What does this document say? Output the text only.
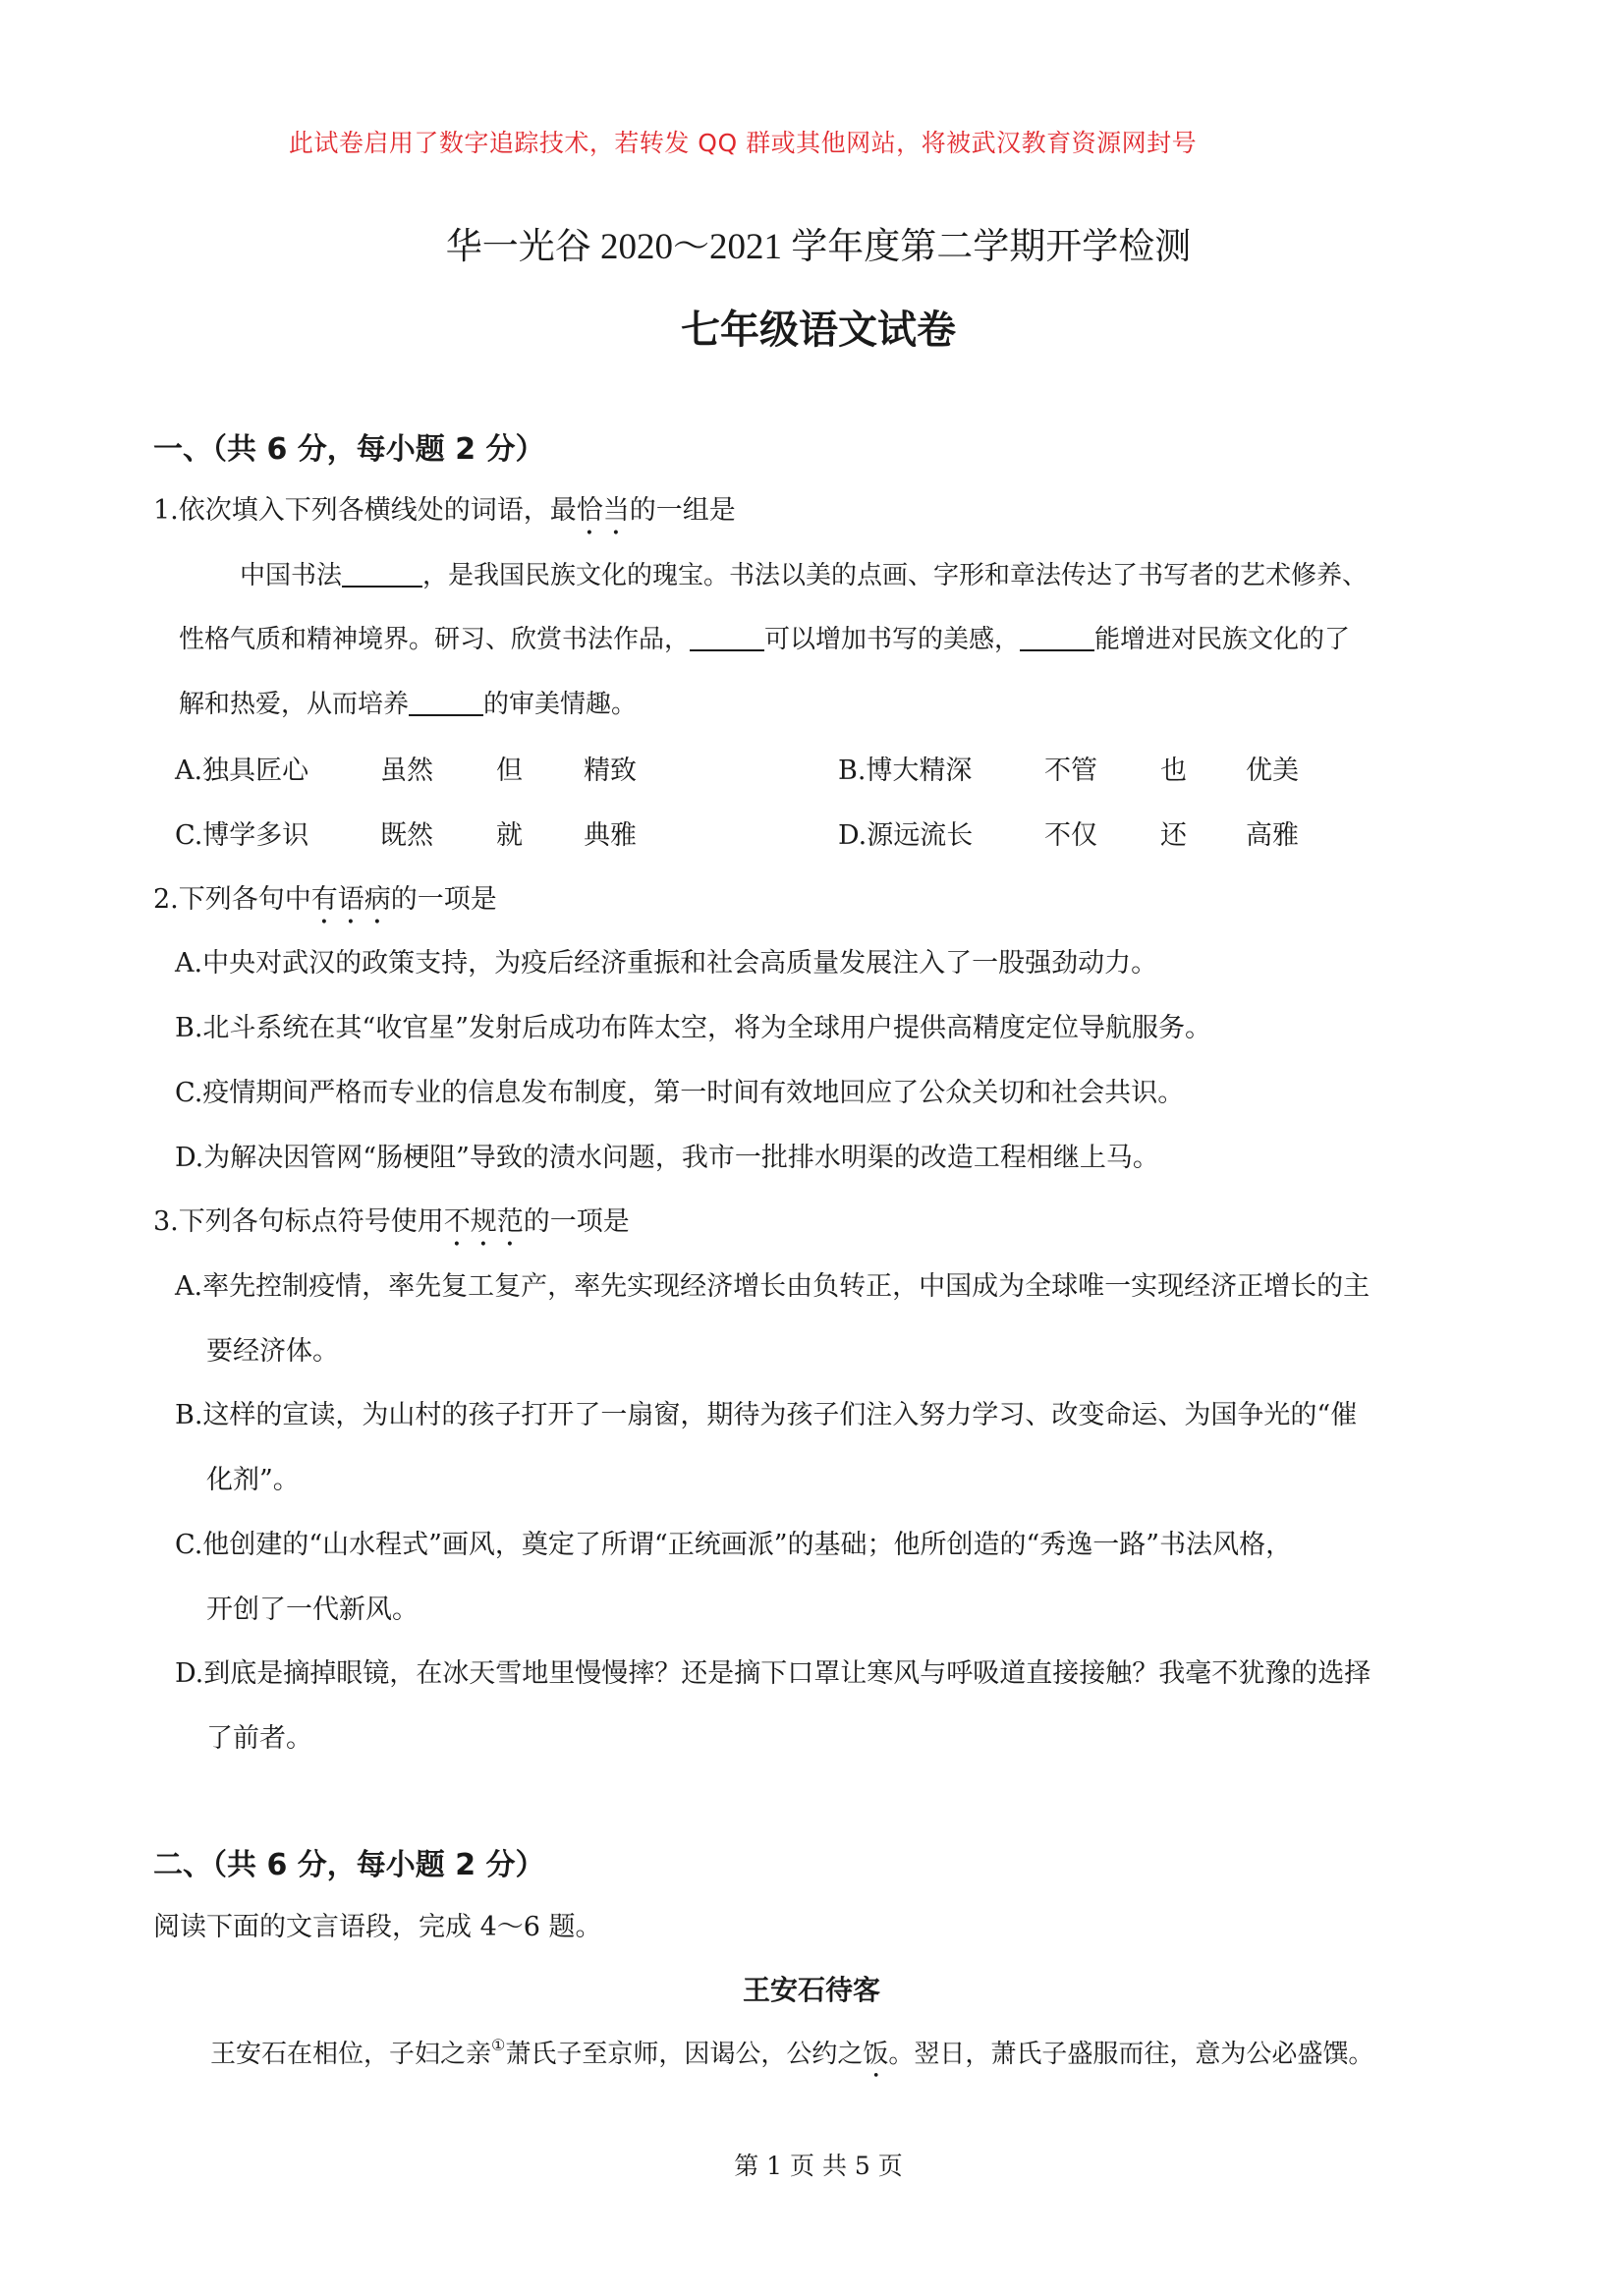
此试卷启用了数字追踪技术，若转发 QQ 群或其他网站，将被武汉教育资源网封号
华一光谷 2020～2021 学年度第二学期开学检测
七年级语文试卷
一、（共 6 分，每小题 2 分）
1.依次填入下列各横线处的词语，最恰当的一组是
中国书法	，是我国民族文化的瑰宝。书法以美的点画、字形和章法传达了书写者的艺术修养、
性格气质和精神境界。研习、欣赏书法作品，	可以增加书写的美感，	能增进对民族文化的了
解和热爱，从而培养	的审美情趣。
A.独具匠心	虽然 但 精致	B.博大精深	不管 也 优美
C.博学多识	既然 就 典雅	D.源远流长	不仅 还 高雅
2.下列各句中有语病的一项是
A.中央对武汉的政策支持，为疫后经济重振和社会高质量发展注入了一股强劲动力。
B.北斗系统在其“收官星”发射后成功布阵太空，将为全球用户提供高精度定位导航服务。
C.疫情期间严格而专业的信息发布制度，第一时间有效地回应了公众关切和社会共识。
D.为解决因管网“肠梗阻”导致的渍水问题，我市一批排水明渠的改造工程相继上马。
3.下列各句标点符号使用不规范的一项是
A.率先控制疫情，率先复工复产，率先实现经济增长由负转正，中国成为全球唯一实现经济正增长的主
要经济体。
B.这样的宣读，为山村的孩子打开了一扇窗，期待为孩子们注入努力学习、改变命运、为国争光的“催
化剂”。
C.他创建的“山水程式”画风，奠定了所谓“正统画派”的基础；他所创造的“秀逸一路”书法风格，
开创了一代新风。
D.到底是摘掉眼镜，在冰天雪地里慢慢摔？还是摘下口罩让寒风与呼吸道直接接触？我毫不犹豫的选择
了前者。
二、（共 6 分，每小题 2 分）
阅读下面的文言语段，完成 4～6 题。
王安石待客
王安石在相位，子妇之亲①萧氏子至京师，因谒公，公约之饭。翌日，萧氏子盛服而往，意为公必盛馔。
第 1 页 共 5 页
